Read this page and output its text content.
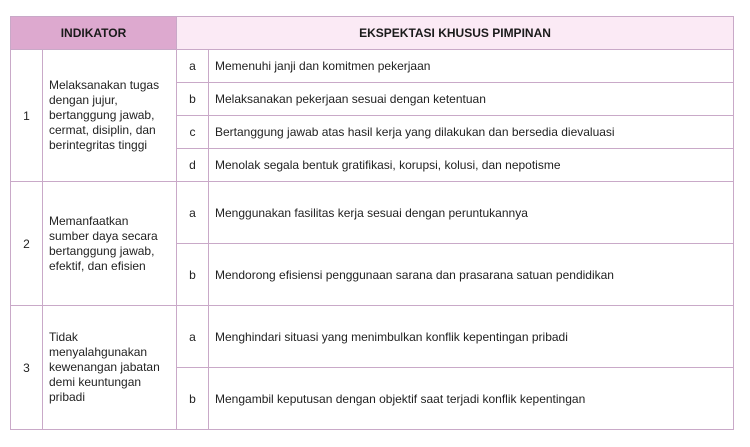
INDIKATOR		EKSPEKTASI KHUSUS PIMPINAN	
1	Melaksanakan tugas dengan jujur, bertanggung jawab, cermat, disiplin, dan berintegritas tinggi	a	Memenuhi janji dan komitmen pekerjaan
		b	Melaksanakan pekerjaan sesuai dengan ketentuan
		c	Bertanggung jawab atas hasil kerja yang dilakukan dan bersedia dievaluasi
		d	Menolak segala bentuk gratifikasi, korupsi, kolusi, dan nepotisme
2	Memanfaatkan sumber daya secara bertanggung jawab, efektif, dan efisien	a	Menggunakan fasilitas kerja sesuai dengan peruntukannya
		b	Mendorong efisiensi penggunaan sarana dan prasarana satuan pendidikan
3	Tidak menyalahgunakan kewenangan jabatan demi keuntungan pribadi	a	Menghindari situasi yang menimbulkan konflik kepentingan pribadi
		b	Mengambil keputusan dengan objektif saat terjadi konflik kepentingan
